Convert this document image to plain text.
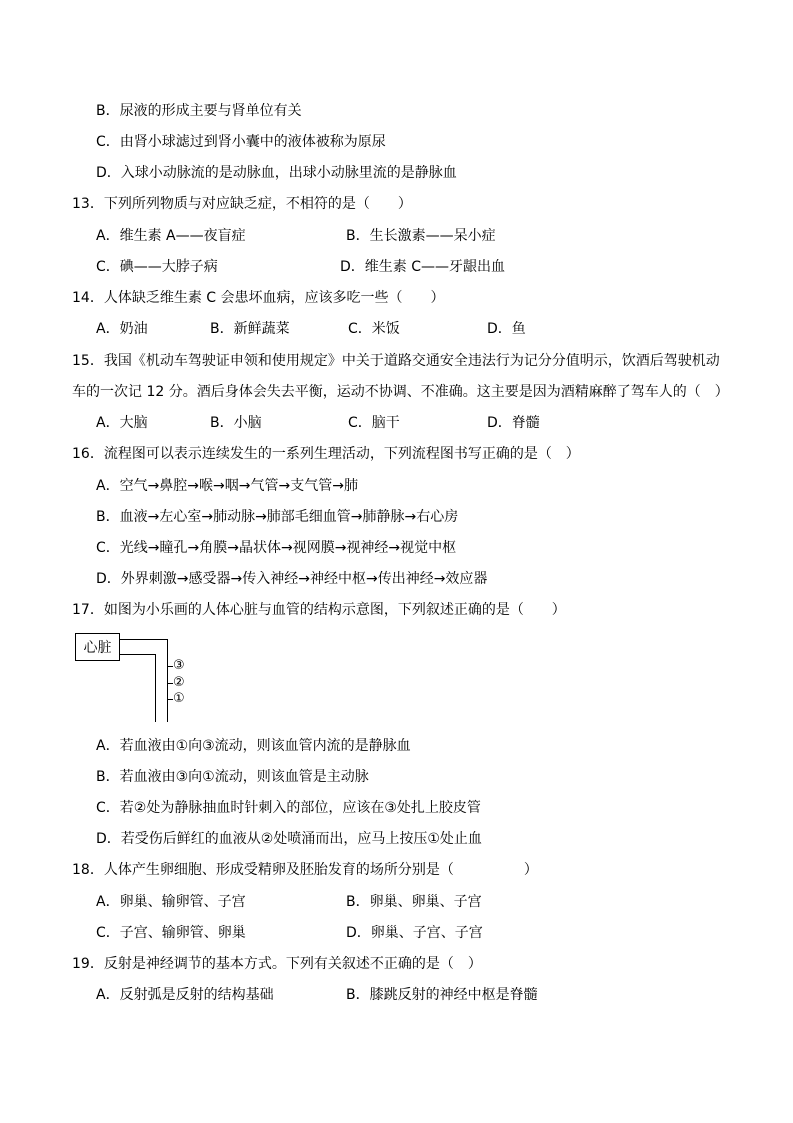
B．尿液的形成主要与肾单位有关
C．由肾小球滤过到肾小囊中的液体被称为原尿
D．入球小动脉流的是动脉血，出球小动脉里流的是静脉血
13．下列所列物质与对应缺乏症，不相符的是（　　）
A．维生素 A——夜盲症	B．生长激素——呆小症
C．碘——大脖子病	D．维生素 C——牙龈出血
14．人体缺乏维生素 C 会患坏血病，应该多吃一些（　　）
A．奶油	B．新鲜蔬菜	C．米饭	D．鱼
15．我国《机动车驾驶证申领和使用规定》中关于道路交通安全违法行为记分分值明示，饮酒后驾驶机动
车的一次记 12 分。酒后身体会失去平衡，运动不协调、不准确。这主要是因为酒精麻醉了驾车人的（　）
A．大脑	B．小脑	C．脑干	D．脊髓
16．流程图可以表示连续发生的一系列生理活动，下列流程图书写正确的是（　）
A．空气→鼻腔→喉→咽→气管→支气管→肺
B．血液→左心室→肺动脉→肺部毛细血管→肺静脉→右心房
C．光线→瞳孔→角膜→晶状体→视网膜→视神经→视觉中枢
D．外界刺激→感受器→传入神经→神经中枢→传出神经→效应器
17．如图为小乐画的人体心脏与血管的结构示意图，下列叙述正确的是（　　）
心脏
③
②
①
A．若血液由①向③流动，则该血管内流的是静脉血
B．若血液由③向①流动，则该血管是主动脉
C．若②处为静脉抽血时针刺入的部位，应该在③处扎上胶皮管
D．若受伤后鲜红的血液从②处喷涌而出，应马上按压①处止血
18．人体产生卵细胞、形成受精卵及胚胎发育的场所分别是（　　　　　）
A．卵巢、输卵管、子宫	B．卵巢、卵巢、子宫
C．子宫、输卵管、卵巢	D．卵巢、子宫、子宫
19．反射是神经调节的基本方式。下列有关叙述不正确的是（　）
A．反射弧是反射的结构基础	B．膝跳反射的神经中枢是脊髓
